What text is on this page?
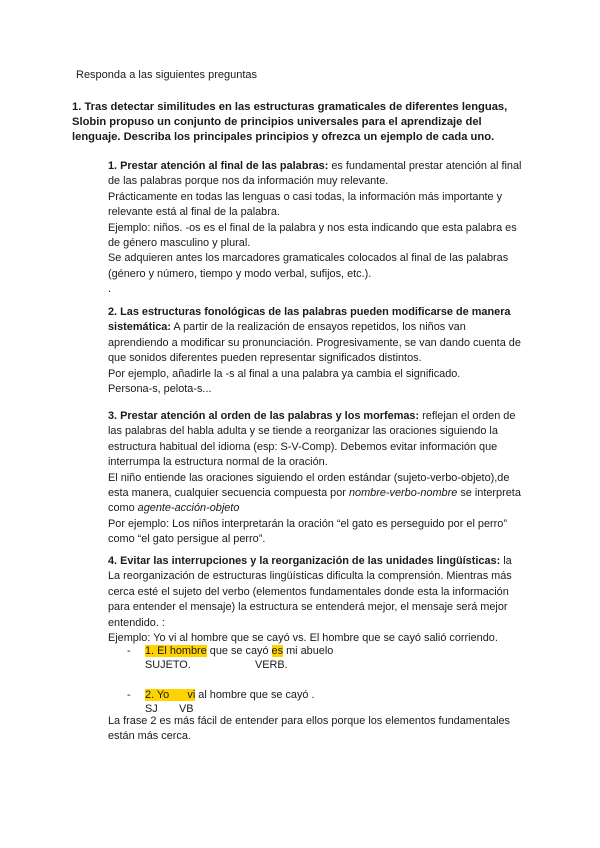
Responda a las siguientes preguntas
1. Tras detectar similitudes en las estructuras gramaticales de diferentes lenguas, Slobin propuso un conjunto de principios universales para el aprendizaje del lenguaje. Describa los principales principios y ofrezca un ejemplo de cada uno.

1. Prestar atención al final de las palabras: es fundamental prestar atención al final de las palabras porque nos da información muy relevante.

Prácticamente en todas las lenguas o casi todas, la información más importante y relevante está al final de la palabra.

Ejemplo: niños. -os es el final de la palabra y nos esta indicando que esta palabra es de género masculino y plural.

Se adquieren antes los marcadores gramaticales colocados al final de las palabras (género y número, tiempo y modo verbal, sufijos, etc.).

.

2. Las estructuras fonológicas de las palabras pueden modificarse de manera sistemática: A partir de la realización de ensayos repetidos, los niños van aprendiendo a modificar su pronunciación. Progresivamente, se van dando cuenta de que sonidos diferentes pueden representar significados distintos.

Por ejemplo, añadirle la -s al final a una palabra ya cambia el significado.

Persona-s, pelota-s...

3. Prestar atención al orden de las palabras y los morfemas: reflejan el orden de las palabras del habla adulta y se tiende a reorganizar las oraciones siguiendo la estructura habitual del idioma (esp: S-V-Comp). Debemos evitar información que interrumpa la estructura normal de la oración.

El niño entiende las oraciones siguiendo el orden estándar (sujeto-verbo-objeto),de esta manera, cualquier secuencia compuesta por nombre-verbo-nombre se interpreta como agente-acción-objeto

Por ejemplo: Los niños interpretarán la oración “el gato es perseguido por el perro” como “el gato persigue al perro”.

4. Evitar las interrupciones y la reorganización de las unidades lingüísticas: la

La reorganización de estructuras lingüísticas dificulta la comprensión. Mientras más cerca esté el sujeto del verbo (elementos fundamentales donde esta la información para entender el mensaje) la estructura se entenderá mejor, el mensaje será mejor entendido. :

Ejemplo: Yo vi al hombre que se cayó vs. El hombre que se cayó salió corriendo.

- 1. El hombre que se cayó es mi abuelo
SUJETO.	VERB.
- 2. Yo vi al hombre que se cayó .
SJ VB

La frase 2 es más fácil de entender para ellos porque los elementos fundamentales están más cerca.
